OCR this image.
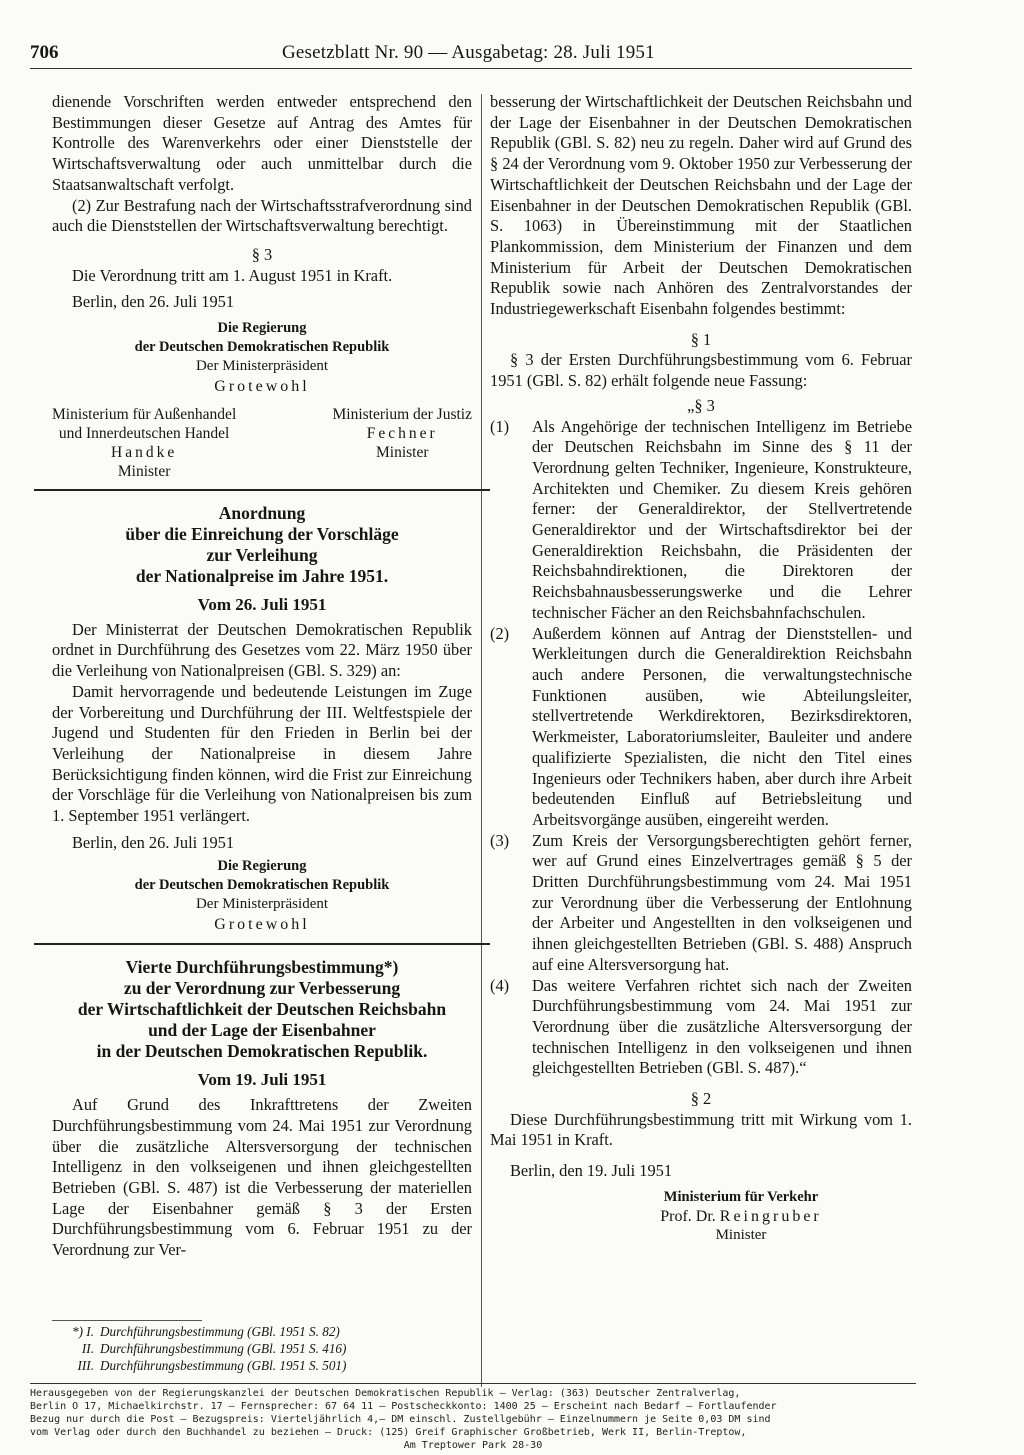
706	Gesetzblatt Nr. 90 — Ausgabetag: 28. Juli 1951

dienende Vorschriften werden entweder entsprechend den Bestimmungen dieser Gesetze auf Antrag des Amtes für Kontrolle des Warenverkehrs oder einer Dienststelle der Wirtschaftsverwaltung oder auch unmittelbar durch die Staatsanwaltschaft verfolgt.

(2) Zur Bestrafung nach der Wirtschaftsstrafverordnung sind auch die Dienststellen der Wirtschaftsverwaltung berechtigt.

§ 3

Die Verordnung tritt am 1. August 1951 in Kraft.

Berlin, den 26. Juli 1951

Die Regierung

der Deutschen Demokratischen Republik

Der Ministerpräsident

Grotewohl

Ministerium für Außenhandel
und Innerdeutschen Handel
Handke
Minister
Ministerium der Justiz
Fechner
Minister

Anordnung

über die Einreichung der Vorschläge

zur Verleihung

der Nationalpreise im Jahre 1951.

Vom 26. Juli 1951

Der Ministerrat der Deutschen Demokratischen Republik ordnet in Durchführung des Gesetzes vom 22. März 1950 über die Verleihung von Nationalpreisen (GBl. S. 329) an:

Damit hervorragende und bedeutende Leistungen im Zuge der Vorbereitung und Durchführung der III. Weltfestspiele der Jugend und Studenten für den Frieden in Berlin bei der Verleihung der Nationalpreise in diesem Jahre Berücksichtigung finden können, wird die Frist zur Einreichung der Vorschläge für die Verleihung von Nationalpreisen bis zum 1. September 1951 verlängert.

Berlin, den 26. Juli 1951

Die Regierung

der Deutschen Demokratischen Republik

Der Ministerpräsident

Grotewohl

Vierte Durchführungsbestimmung*)

zu der Verordnung zur Verbesserung

der Wirtschaftlichkeit der Deutschen Reichsbahn

und der Lage der Eisenbahner

in der Deutschen Demokratischen Republik.

Vom 19. Juli 1951

Auf Grund des Inkrafttretens der Zweiten Durchführungsbestimmung vom 24. Mai 1951 zur Verordnung über die zusätzliche Altersversorgung der technischen Intelligenz in den volkseigenen und ihnen gleichgestellten Betrieben (GBl. S. 487) ist die Verbesserung der materiellen Lage der Eisenbahner gemäß § 3 der Ersten Durchführungsbestimmung vom 6. Februar 1951 zu der Verordnung zur Ver-

besserung der Wirtschaftlichkeit der Deutschen Reichsbahn und der Lage der Eisenbahner in der Deutschen Demokratischen Republik (GBl. S. 82) neu zu regeln. Daher wird auf Grund des § 24 der Verordnung vom 9. Oktober 1950 zur Verbesserung der Wirtschaftlichkeit der Deutschen Reichsbahn und der Lage der Eisenbahner in der Deutschen Demokratischen Republik (GBl. S. 1063) in Übereinstimmung mit der Staatlichen Plankommission, dem Ministerium der Finanzen und dem Ministerium für Arbeit der Deutschen Demokratischen Republik sowie nach Anhören des Zentralvorstandes der Industriegewerkschaft Eisenbahn folgendes bestimmt:

§ 1

§ 3 der Ersten Durchführungsbestimmung vom 6. Februar 1951 (GBl. S. 82) erhält folgende neue Fassung:

„§ 3

(1)	Als Angehörige der technischen Intelligenz im Betriebe der Deutschen Reichsbahn im Sinne des § 11 der Verordnung gelten Techniker, Ingenieure, Konstrukteure, Architekten und Chemiker. Zu diesem Kreis gehören ferner: der Generaldirektor, der Stellvertretende Generaldirektor und der Wirtschaftsdirektor bei der Generaldirektion Reichsbahn, die Präsidenten der Reichsbahndirektionen, die Direktoren der Reichsbahnausbesserungswerke und die Lehrer technischer Fächer an den Reichsbahnfachschulen.
(2)	Außerdem können auf Antrag der Dienststellen- und Werkleitungen durch die Generaldirektion Reichsbahn auch andere Personen, die verwaltungstechnische Funktionen ausüben, wie Abteilungsleiter, stellvertretende Werkdirektoren, Bezirksdirektoren, Werkmeister, Laboratoriumsleiter, Bauleiter und andere qualifizierte Spezialisten, die nicht den Titel eines Ingenieurs oder Technikers haben, aber durch ihre Arbeit bedeutenden Einfluß auf Betriebsleitung und Arbeitsvorgänge ausüben, eingereiht werden.
(3)	Zum Kreis der Versorgungsberechtigten gehört ferner, wer auf Grund eines Einzelvertrages gemäß § 5 der Dritten Durchführungsbestimmung vom 24. Mai 1951 zur Verordnung über die Verbesserung der Entlohnung der Arbeiter und Angestellten in den volkseigenen und ihnen gleichgestellten Betrieben (GBl. S. 488) Anspruch auf eine Altersversorgung hat.
(4)	Das weitere Verfahren richtet sich nach der Zweiten Durchführungsbestimmung vom 24. Mai 1951 zur Verordnung über die zusätzliche Altersversorgung der technischen Intelligenz in den volkseigenen und ihnen gleichgestellten Betrieben (GBl. S. 487).“

§ 2

Diese Durchführungsbestimmung tritt mit Wirkung vom 1. Mai 1951 in Kraft.

Berlin, den 19. Juli 1951

Ministerium für Verkehr

Prof. Dr. Reingruber

Minister

*) I. Durchführungsbestimmung (GBl. 1951 S. 82)
II. Durchführungsbestimmung (GBl. 1951 S. 416)
III. Durchführungsbestimmung (GBl. 1951 S. 501)
Herausgegeben von der Regierungskanzlei der Deutschen Demokratischen Republik — Verlag: (363) Deutscher Zentralverlag,
Berlin O 17, Michaelkirchstr. 17 — Fernsprecher: 67 64 11 — Postscheckkonto: 1400 25 — Erscheint nach Bedarf — Fortlaufender
Bezug nur durch die Post — Bezugspreis: Vierteljährlich 4,— DM einschl. Zustellgebühr — Einzelnummern je Seite 0,03 DM sind
vom Verlag oder durch den Buchhandel zu beziehen — Druck: (125) Greif Graphischer Großbetrieb, Werk II, Berlin-Treptow,
Am Treptower Park 28-30
